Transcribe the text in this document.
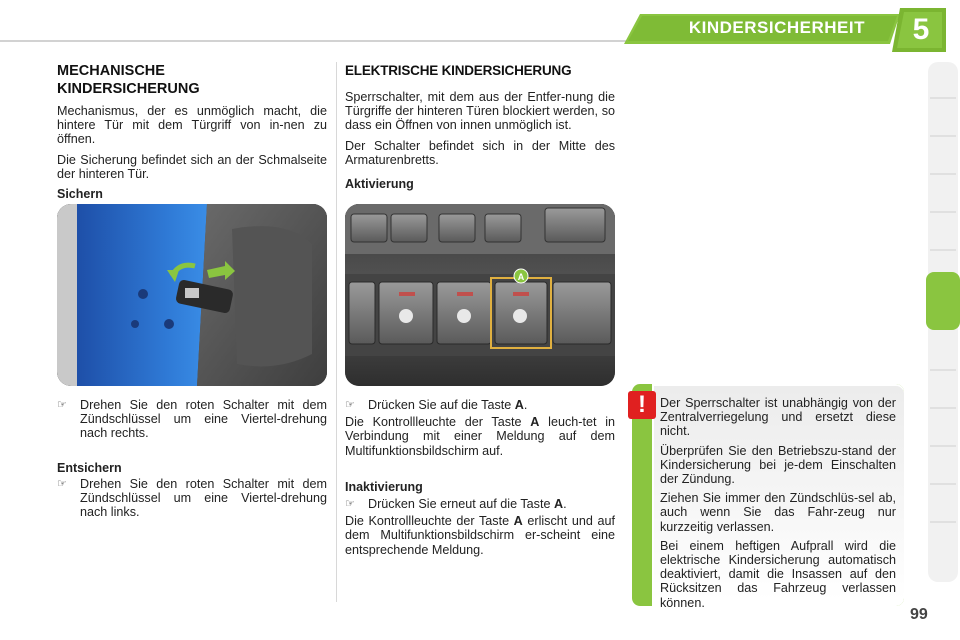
KINDERSICHERHEIT	5
MECHANISCHE
KINDERSICHERUNG

Mechanismus, der es unmöglich macht, die hintere Tür mit dem Türgriff von in-nen zu öffnen.

Die Sicherung befindet sich an der Schmalseite der hinteren Tür.

Sichern
☞ Drehen Sie den roten Schalter mit dem Zündschlüssel um eine Viertel-drehung nach rechts.
Entsichern
☞ Drehen Sie den roten Schalter mit dem Zündschlüssel um eine Viertel-drehung nach links.
ELEKTRISCHE KINDERSICHERUNG

Sperrschalter, mit dem aus der Entfer-nung die Türgriffe der hinteren Türen blockiert werden, so dass ein Öffnen von innen unmöglich ist.

Der Schalter befindet sich in der Mitte des Armaturenbretts.

Aktivierung
A
☞ Drücken Sie auf die Taste A.

Die Kontrollleuchte der Taste A leuch-tet in Verbindung mit einer Meldung auf dem Multifunktionsbildschirm auf.

Inaktivierung
☞ Drücken Sie erneut auf die Taste A.

Die Kontrollleuchte der Taste A erlischt und auf dem Multifunktionsbildschirm er-scheint eine entsprechende Meldung.

!	Der Sperrschalter ist unabhängig von der Zentralverriegelung und ersetzt diese nicht.

Überprüfen Sie den Betriebszu-stand der Kindersicherung bei je-dem Einschalten der Zündung.

Ziehen Sie immer den Zündschlüs-sel ab, auch wenn Sie das Fahr-zeug nur kurzzeitig verlassen.

Bei einem heftigen Aufprall wird die elektrische Kindersicherung automatisch deaktiviert, damit die Insassen auf den Rücksitzen das Fahrzeug verlassen können.

99
